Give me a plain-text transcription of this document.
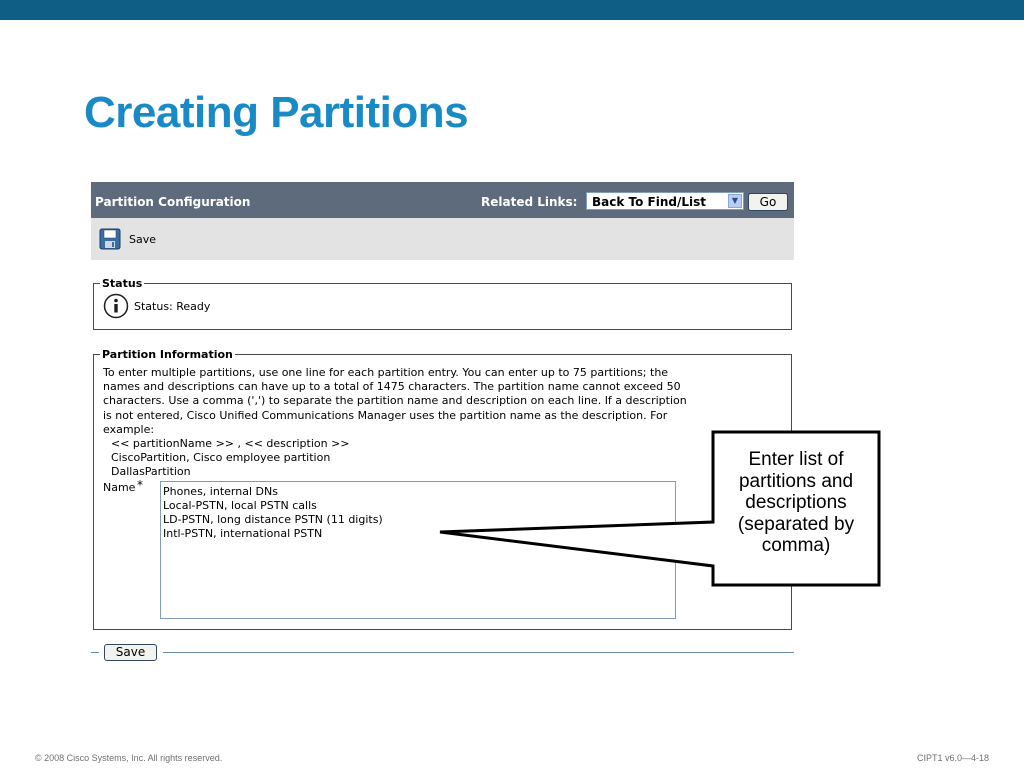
Creating Partitions
Partition Configuration	Related Links: Back To Find/List	▼	Go
Save
Status
Status: Ready
Partition Information
To enter multiple partitions, use one line for each partition entry. You can enter up to 75 partitions; the
names and descriptions can have up to a total of 1475 characters. The partition name cannot exceed 50
characters. Use a comma (',') to separate the partition name and description on each line. If a description
is not entered, Cisco Unified Communications Manager uses the partition name as the description. For
example:
<< partitionName >> , << description >>
CiscoPartition, Cisco employee partition
DallasPartition
Name * Phones, internal DNs
Local-PSTN, local PSTN calls
LD-PSTN, long distance PSTN (11 digits)
Intl-PSTN, international PSTN
Save
Enter list of
partitions and
descriptions
(separated by
comma)
© 2008 Cisco Systems, Inc. All rights reserved.	CIPT1 v6.0—4-18
